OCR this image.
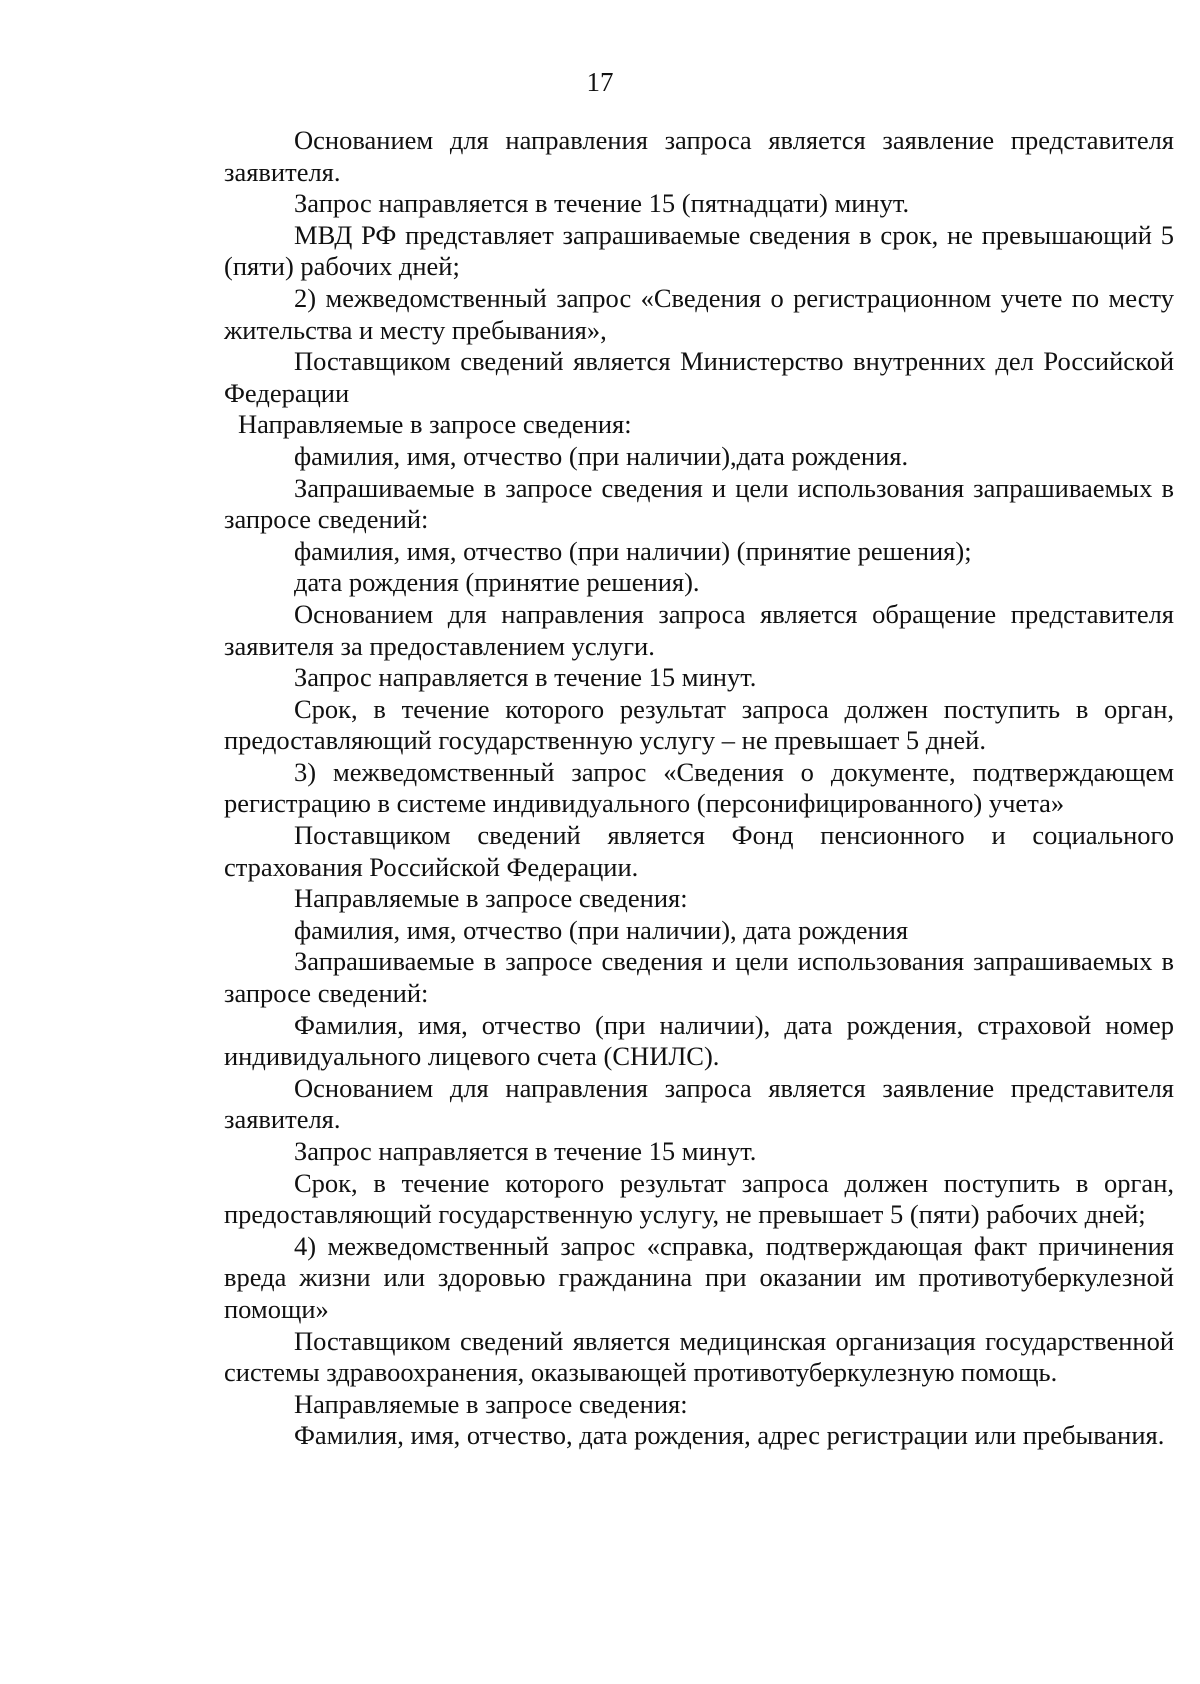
17

Основанием для направления запроса является заявление представителя заявителя.

Запрос направляется в течение 15 (пятнадцати) минут.

МВД РФ представляет запрашиваемые сведения в срок, не превышающий 5 (пяти) рабочих дней;

2) межведомственный запрос «Сведения о регистрационном учете по месту жительства и месту пребывания»,

Поставщиком сведений является Министерство внутренних дел Российской Федерации

Направляемые в запросе сведения:

фамилия, имя, отчество (при наличии),дата рождения.

Запрашиваемые в запросе сведения и цели использования запрашиваемых в запросе сведений:

фамилия, имя, отчество (при наличии) (принятие решения);

дата рождения (принятие решения).

Основанием для направления запроса является обращение представителя заявителя за предоставлением услуги.

Запрос направляется в течение 15 минут.

Срок, в течение которого результат запроса должен поступить в орган, предоставляющий государственную услугу – не превышает 5 дней.

3) межведомственный запрос «Сведения о документе, подтверждающем регистрацию в системе индивидуального (персонифицированного) учета»

Поставщиком сведений является Фонд пенсионного и социального страхования Российской Федерации.

Направляемые в запросе сведения:

фамилия, имя, отчество (при наличии), дата рождения

Запрашиваемые в запросе сведения и цели использования запрашиваемых в запросе сведений:

Фамилия, имя, отчество (при наличии), дата рождения, страховой номер индивидуального лицевого счета (СНИЛС).

Основанием для направления запроса является заявление представителя заявителя.

Запрос направляется в течение 15 минут.

Срок, в течение которого результат запроса должен поступить в орган, предоставляющий государственную услугу, не превышает 5 (пяти) рабочих дней;

4) межведомственный запрос «справка, подтверждающая факт причинения вреда жизни или здоровью гражданина при оказании им противотуберкулезной помощи»

Поставщиком сведений является медицинская организация государственной системы здравоохранения, оказывающей противотуберкулезную помощь.

Направляемые в запросе сведения:

Фамилия, имя, отчество, дата рождения, адрес регистрации или пребывания.
